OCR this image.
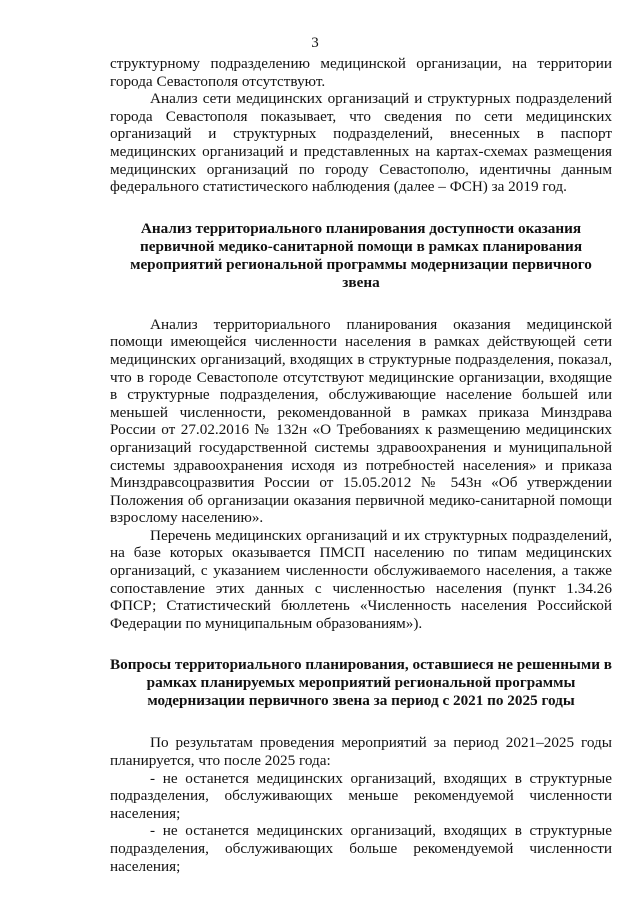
3

структурному подразделению медицинской организации, на территории города Севастополя отсутствуют.

Анализ сети медицинских организаций и структурных подразделений города Севастополя показывает, что сведения по сети медицинских организаций и структурных подразделений, внесенных в паспорт медицинских организаций и представленных на картах-схемах размещения медицинских организаций по городу Севастополю, идентичны данным федерального статистического наблюдения (далее – ФСН) за 2019 год.

Анализ территориального планирования доступности оказания первичной медико-санитарной помощи в рамках планирования мероприятий региональной программы модернизации первичного звена

Анализ территориального планирования оказания медицинской помощи имеющейся численности населения в рамках действующей сети медицинских организаций, входящих в структурные подразделения, показал, что в городе Севастополе отсутствуют медицинские организации, входящие в структурные подразделения, обслуживающие население большей или меньшей численности, рекомендованной в рамках приказа Минздрава России от 27.02.2016 № 132н «О Требованиях к размещению медицинских организаций государственной системы здравоохранения и муниципальной системы здравоохранения исходя из потребностей населения» и приказа Минздравсоцразвития России от 15.05.2012 № 543н «Об утверждении Положения об организации оказания первичной медико-санитарной помощи взрослому населению».

Перечень медицинских организаций и их структурных подразделений, на базе которых оказывается ПМСП населению по типам медицинских организаций, с указанием численности обслуживаемого населения, а также сопоставление этих данных с численностью населения (пункт 1.34.26 ФПСР; Статистический бюллетень «Численность населения Российской Федерации по муниципальным образованиям»).

Вопросы территориального планирования, оставшиеся не решенными в рамках планируемых мероприятий региональной программы модернизации первичного звена за период с 2021 по 2025 годы

По результатам проведения мероприятий за период 2021–2025 годы планируется, что после 2025 года:

- не останется медицинских организаций, входящих в структурные подразделения, обслуживающих меньше рекомендуемой численности населения;

- не останется медицинских организаций, входящих в структурные подразделения, обслуживающих больше рекомендуемой численности населения;
